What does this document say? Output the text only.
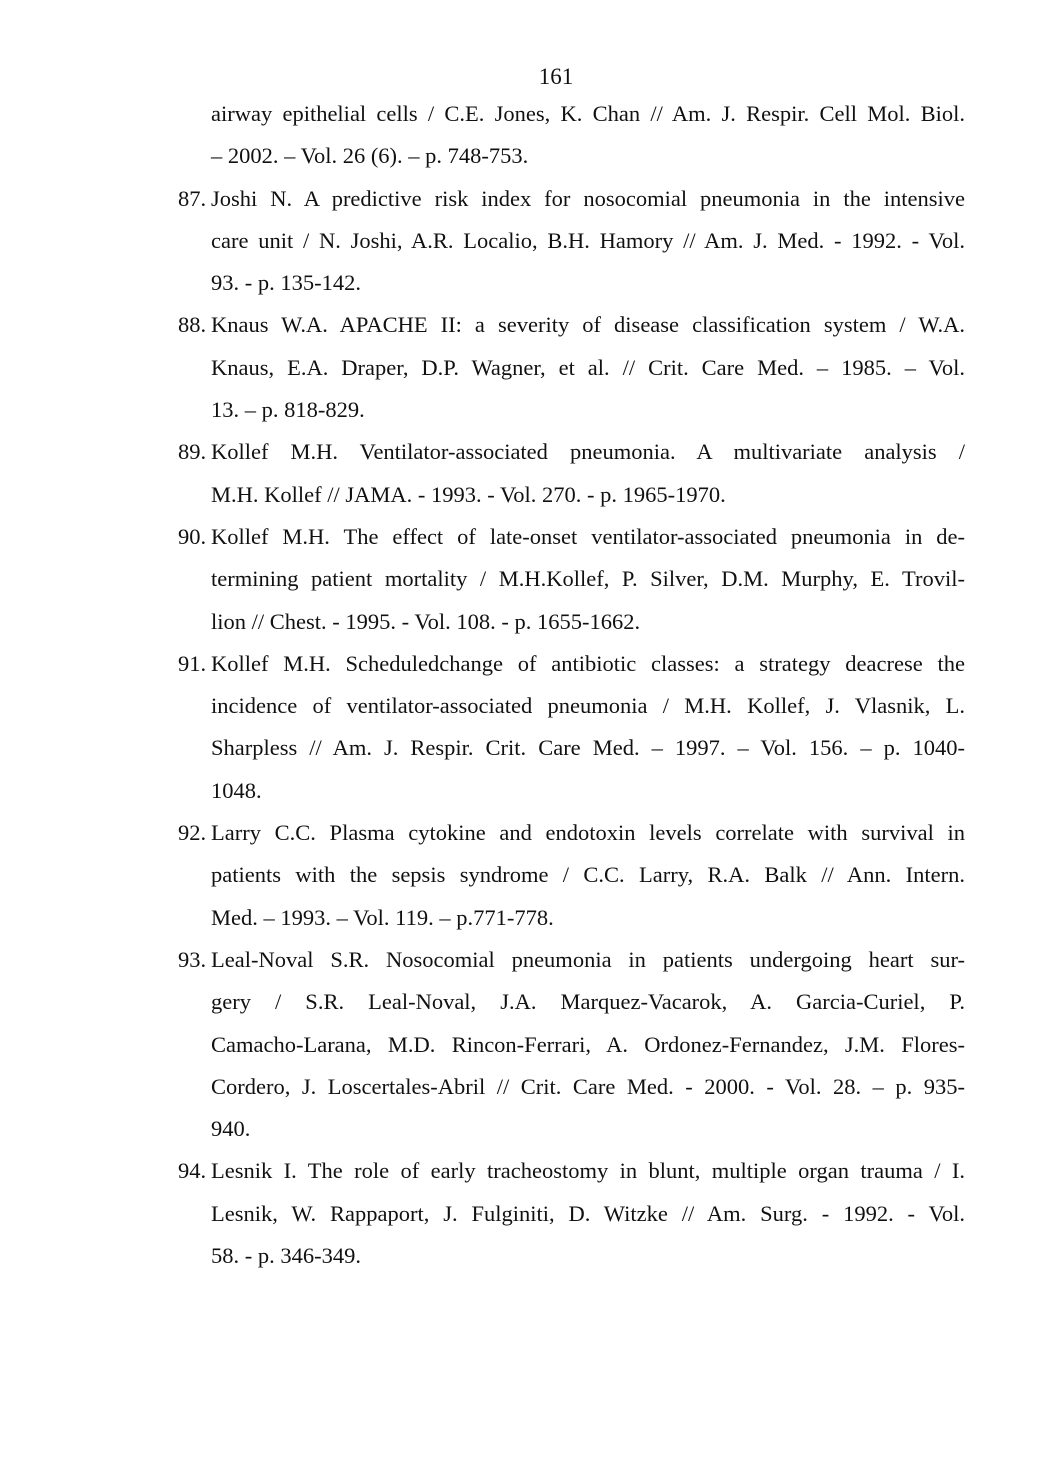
161
airway epithelial cells / C.E. Jones, K. Chan // Am. J. Respir. Cell Mol. Biol.
– 2002. – Vol. 26 (6). – p. 748-753.
87. Joshi N. A predictive risk index for nosocomial pneumonia in the intensive
care unit / N. Joshi, A.R. Localio, B.H. Hamory // Am. J. Med. - 1992. - Vol.
93. - p. 135-142.
88. Knaus W.A. APACHE II: a severity of disease classification system / W.A.
Knaus, E.A. Draper, D.P. Wagner, et al. // Crit. Care Med. – 1985. – Vol.
13. – p. 818-829.
89. Kollef M.H. Ventilator-associated pneumonia. A multivariate analysis /
M.H. Kollef // JAMA. - 1993. - Vol. 270. - p. 1965-1970.
90. Kollef M.H. The effect of late-onset ventilator-associated pneumonia in de-
termining patient mortality / M.H.Kollef, P. Silver, D.M. Murphy, E. Trovil-
lion // Chest. - 1995. - Vol. 108. - p. 1655-1662.
91. Kollef M.H. Scheduledchange of antibiotic classes: a strategy deacrese the
incidence of ventilator-associated pneumonia / M.H. Kollef, J. Vlasnik, L.
Sharpless // Am. J. Respir. Crit. Care Med. – 1997. – Vol. 156. – p. 1040-
1048.
92. Larry C.C. Plasma cytokine and endotoxin levels correlate with survival in
patients with the sepsis syndrome / C.C. Larry, R.A. Balk // Ann. Intern.
Med. – 1993. – Vol. 119. – p.771-778.
93. Leal-Noval S.R. Nosocomial pneumonia in patients undergoing heart sur-
gery / S.R. Leal-Noval, J.A. Marquez-Vacarok, A. Garcia-Curiel, P.
Camacho-Larana, M.D. Rincon-Ferrari, A. Ordonez-Fernandez, J.M. Flores-
Cordero, J. Loscertales-Abril // Crit. Care Med. - 2000. - Vol. 28. – p. 935-
940.
94. Lesnik I. The role of early tracheostomy in blunt, multiple organ trauma / I.
Lesnik, W. Rappaport, J. Fulginiti, D. Witzke // Am. Surg. - 1992. - Vol.
58. - p. 346-349.
